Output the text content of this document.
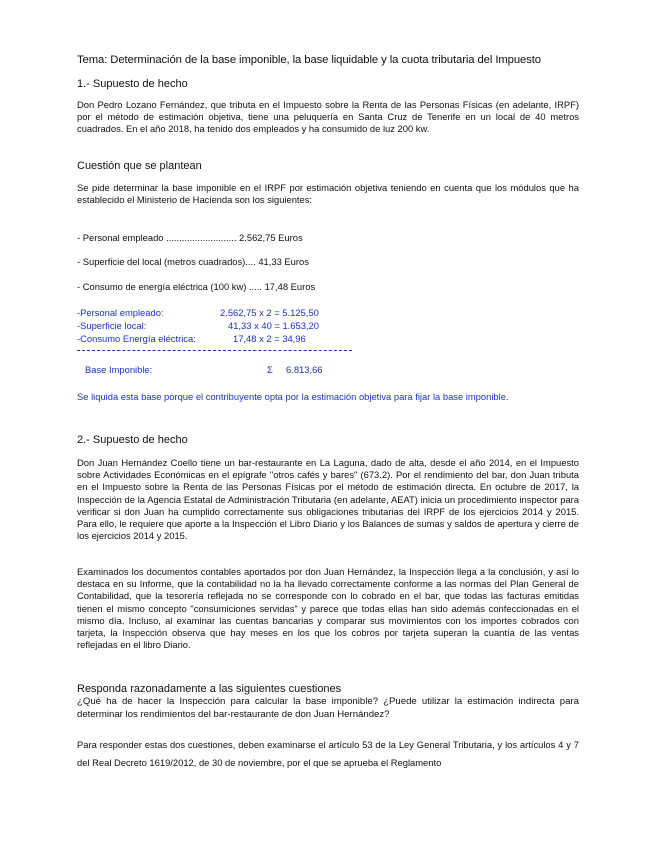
Tema: Determinación de la base imponible, la base liquidable y la cuota tributaria del Impuesto
1.- Supuesto de hecho

Don Pedro Lozano Fernández, que tributa en el Impuesto sobre la Renta de las Personas Físicas (en adelante, IRPF) por el método de estimación objetiva, tiene una peluquería en Santa Cruz de Tenerife en un local de 40 metros cuadrados. En el año 2018, ha tenido dos empleados y ha consumido de luz 200 kw.

Cuestión que se plantean

Se pide determinar la base imponible en el IRPF por estimación objetiva teniendo en cuenta que los módulos que ha establecido el Ministerio de Hacienda son los siguientes:

- Personal empleado ........................... 2.562,75 Euros
- Superficie del local (metros cuadrados).... 41,33 Euros
- Consumo de energía eléctrica (100 kw) ..... 17,48 Euros
-Personal empleado:	2.562,75 x 2 = 5.125,50
-Superficie local:	41,33 x 40 = 1.653,20
-Consumo Energía eléctrica:	17,48 x 2 = 34,96
Base Imponible:	Σ 6.813,66
Se liquida esta base porque el contribuyente opta por la estimación objetiva para fijar la base imponible.
2.- Supuesto de hecho

Don Juan Hernández Coello tiene un bar-restaurante en La Laguna, dado de alta, desde el año 2014, en el Impuesto sobre Actividades Económicas en el epígrafe "otros cafés y bares" (673.2). Por el rendimiento del bar, don Juan tributa en el Impuesto sobre la Renta de las Personas Físicas por el método de estimación directa. En octubre de 2017, la Inspección de la Agencia Estatal de Administración Tributaria (en adelante, AEAT) inicia un procedimiento inspector para verificar si don Juan ha cumplido correctamente sus obligaciones tributarias del IRPF de los ejercicios 2014 y 2015. Para ello, le requiere que aporte a la Inspección el Libro Diario y los Balances de sumas y saldos de apertura y cierre de los ejercicios 2014 y 2015.

Examinados los documentos contables aportados por don Juan Hernández, la Inspección llega a la conclusión, y así lo destaca en su Informe, que la contabilidad no la ha llevado correctamente conforme a las normas del Plan General de Contabilidad, que la tesorería reflejada no se corresponde con lo cobrado en el bar, que todas las facturas emitidas tienen el mismo concepto "consumiciones servidas" y parece que todas ellas han sido además confeccionadas en el mismo día. Incluso, al examinar las cuentas bancarias y comparar sus movimientos con los importes cobrados con tarjeta, la Inspección observa que hay meses en los que los cobros por tarjeta superan la cuantía de las ventas reflejadas en el libro Diario.

Responda razonadamente a las siguientes cuestiones

¿Qué ha de hacer la Inspección para calcular la base imponible? ¿Puede utilizar la estimación indirecta para determinar los rendimientos del bar-restaurante de don Juan Hernández?

Para responder estas dos cuestiones, deben examinarse el artículo 53 de la Ley General Tributaria, y los artículos 4 y 7 del Real Decreto 1619/2012, de 30 de noviembre, por el que se aprueba el Reglamento
